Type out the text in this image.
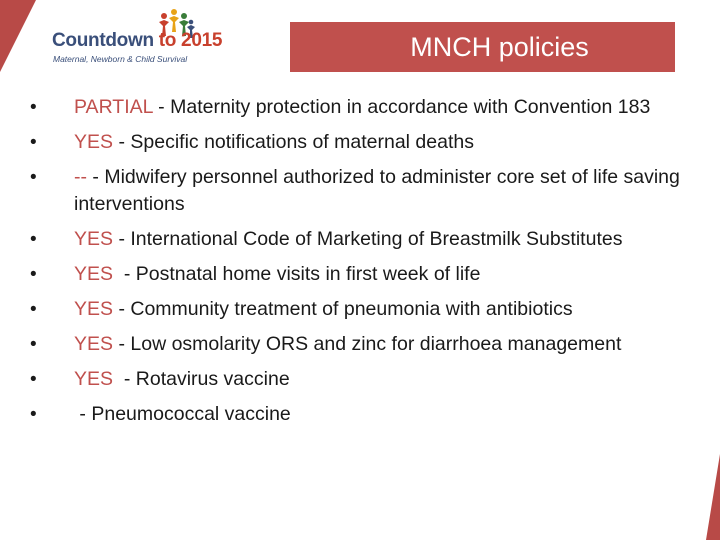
Countdown to 2015
Maternal, Newborn & Child Survival	MNCH policies
•	PARTIAL - Maternity protection in accordance with Convention 183
•	YES - Specific notifications of maternal deaths
•	-- - Midwifery personnel authorized to administer core set of life saving interventions
•	YES - International Code of Marketing of Breastmilk Substitutes
•	YES  - Postnatal home visits in first week of life
•	YES - Community treatment of pneumonia with antibiotics
•	YES - Low osmolarity ORS and zinc for diarrhoea management
•	YES  - Rotavirus vaccine
•	- Pneumococcal vaccine
